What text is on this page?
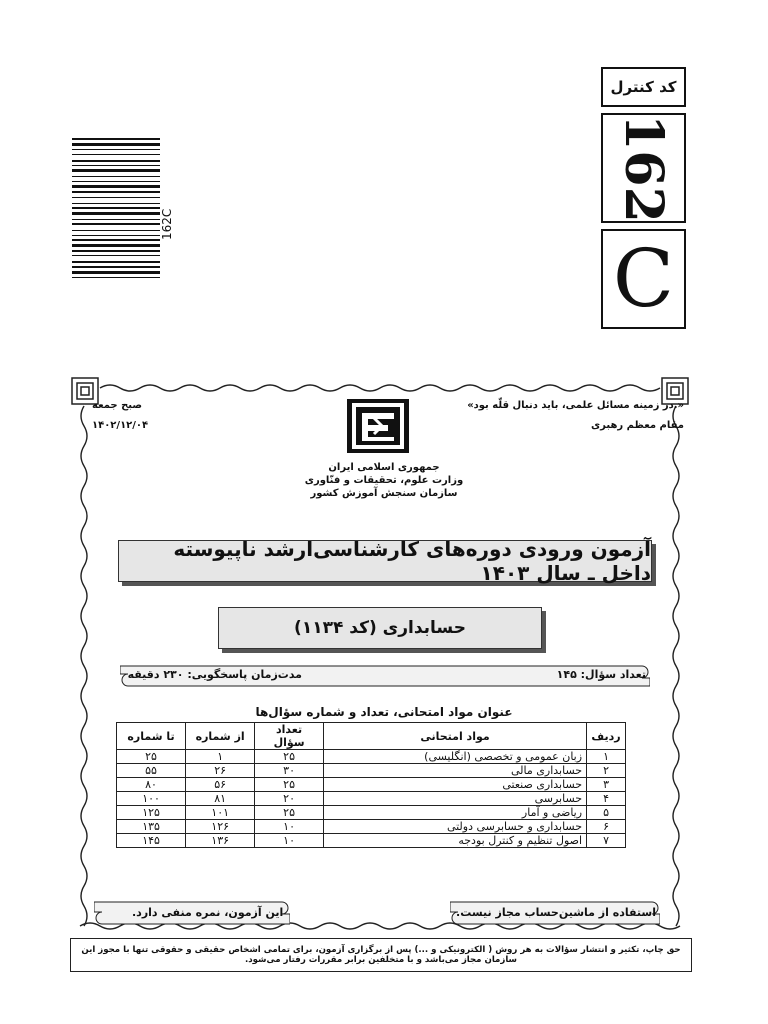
کد کنترل
162
C
162C
«در زمینه مسائل علمی، باید دنبال قلّه بود.»
مقام معظم رهبری
صبح جمعه
۱۴۰۲/۱۲/۰۴
جمهوری اسلامی ایران
وزارت علوم، تحقیقات و فنّاوری
سازمان سنجش آموزش کشور
آزمون ورودی دوره‌های کارشناسی‌ارشد ناپیوسته داخل ـ سال ۱۴۰۳
حسابداری (کد ۱۱۳۴)
تعداد سؤال: ۱۴۵
مدت‌زمان پاسخگویی: ۲۳۰ دقیقه
عنوان مواد امتحانی، تعداد و شماره سؤال‌ها
ردیف	مواد امتحانی	تعداد سؤال	از شماره	تا شماره
۱	زبان عمومی و تخصصی (انگلیسی)	۲۵	۱	۲۵
۲	حسابداری مالی	۳۰	۲۶	۵۵
۳	حسابداری صنعتی	۲۵	۵۶	۸۰
۴	حسابرسی	۲۰	۸۱	۱۰۰
۵	ریاضی و آمار	۲۵	۱۰۱	۱۲۵
۶	حسابداری و حسابرسی دولتی	۱۰	۱۲۶	۱۳۵
۷	اصول تنظیم و کنترل بودجه	۱۰	۱۳۶	۱۴۵
استفاده از ماشین‌حساب مجاز نیست.
این آزمون، نمره منفی دارد.
حق چاپ، تکثیر و انتشار سؤالات به هر روش ( الکترونیکی و ...) پس از برگزاری آزمون، برای تمامی اشخاص حقیقی و حقوقی تنها با مجوز این سازمان مجاز می‌باشد و با متخلفین برابر مقررات رفتار می‌شود.
